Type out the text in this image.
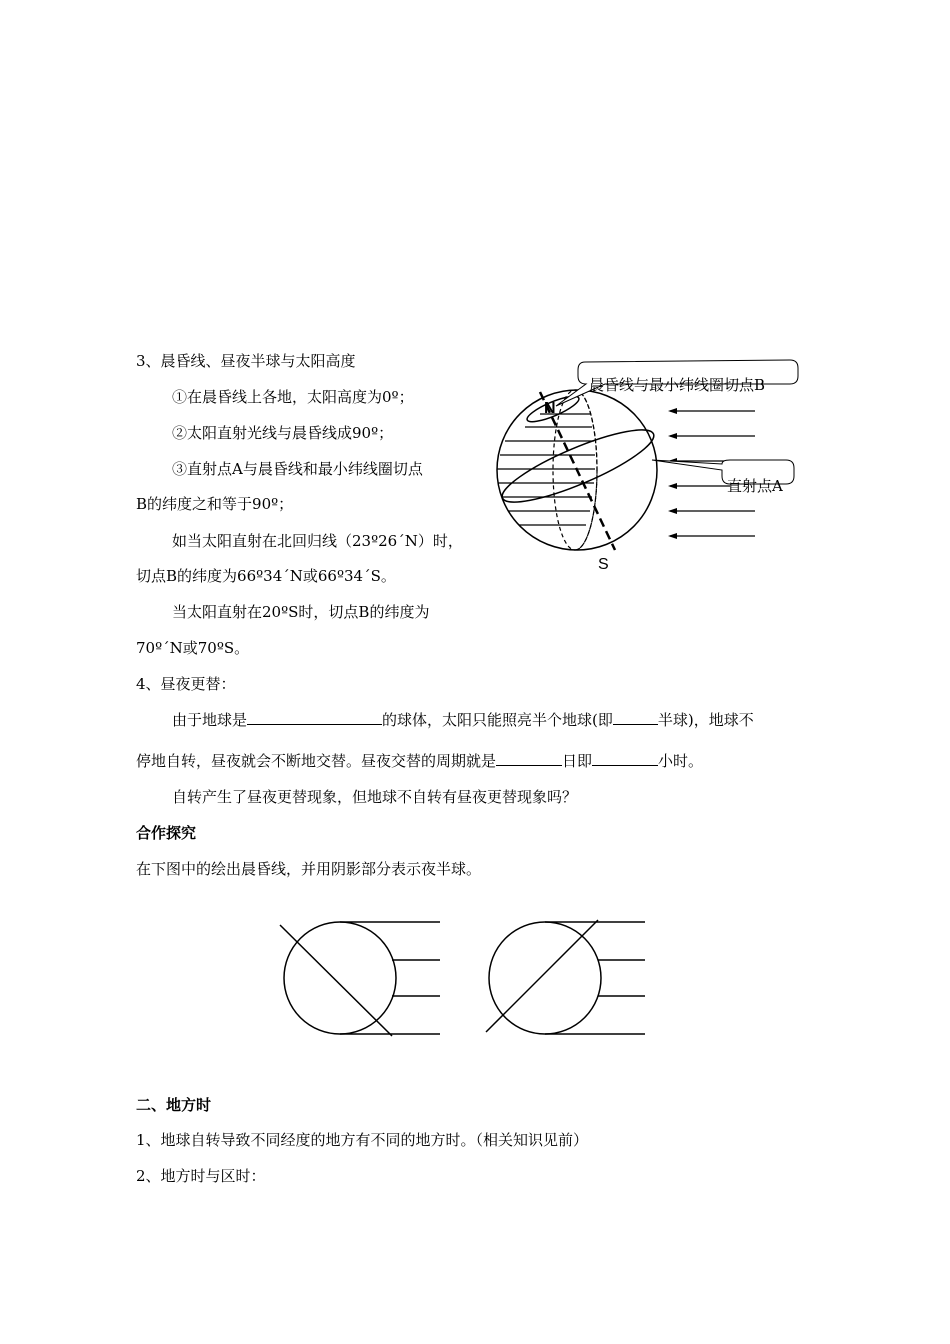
3、晨昏线、昼夜半球与太阳高度
①在晨昏线上各地，太阳高度为0º；
②太阳直射光线与晨昏线成90º；
③直射点A与晨昏线和最小纬线圈切点
B的纬度之和等于90º；
如当太阳直射在北回归线（23º26´N）时，
切点B的纬度为66º34´N或66º34´S。
当太阳直射在20ºS时，切点B的纬度为
70º´N或70ºS。
N
S
晨昏线与最小纬线圈切点B
直射点A
4、昼夜更替：
由于地球是	的球体，太阳只能照亮半个地球(即	半球)，地球不
停地自转，昼夜就会不断地交替。昼夜交替的周期就是	日即	小时。
自转产生了昼夜更替现象，但地球不自转有昼夜更替现象吗？
合作探究
在下图中的绘出晨昏线，并用阴影部分表示夜半球。
二、地方时
1、地球自转导致不同经度的地方有不同的地方时。（相关知识见前）
2、地方时与区时：
